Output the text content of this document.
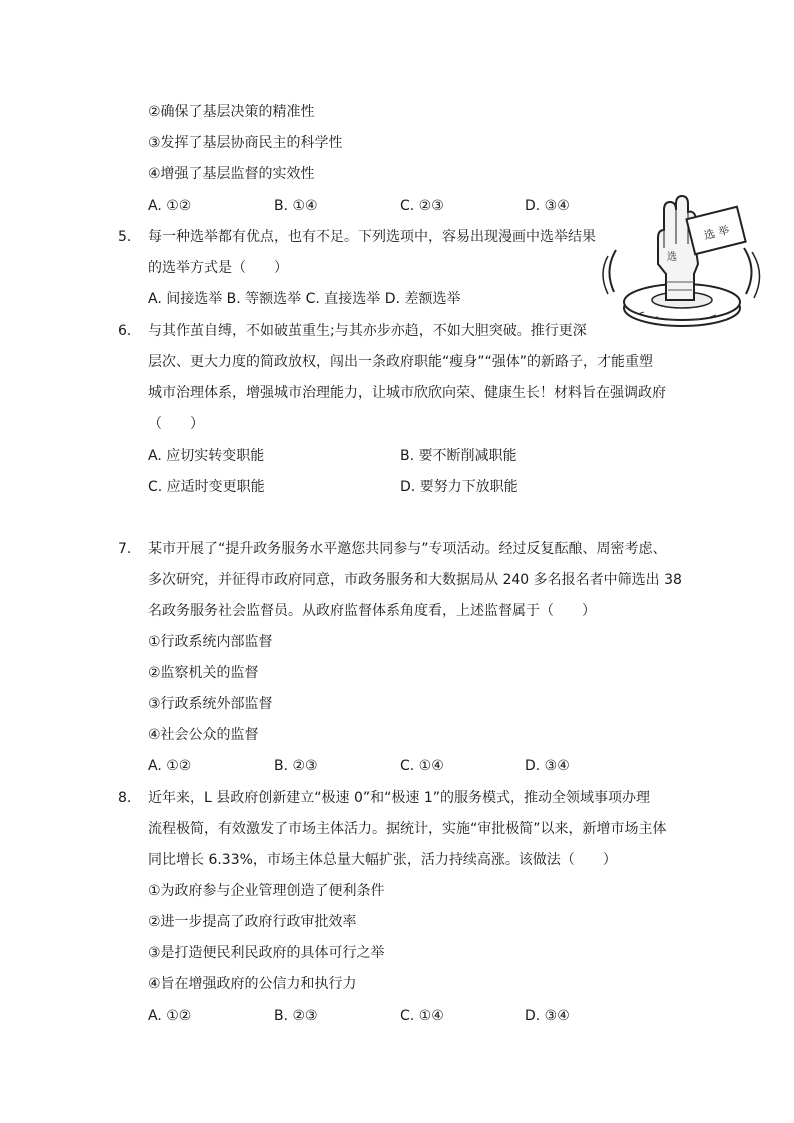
②确保了基层决策的精准性
③发挥了基层协商民主的科学性
④增强了基层监督的实效性
A. ①②	B. ①④	C. ②③	D. ③④
5. 每一种选举都有优点，也有不足。下列选项中，容易出现漫画中选举结果
的选举方式是（　　）
A. 间接选举 B. 等额选举 C. 直接选举 D. 差额选举
选 举
选
6. 与其作茧自缚，不如破茧重生;与其亦步亦趋，不如大胆突破。推行更深
层次、更大力度的简政放权，闯出一条政府职能“瘦身”“强体”的新路子，才能重塑
城市治理体系，增强城市治理能力，让城市欣欣向荣、健康生长！材料旨在强调政府
（　　）
A. 应切实转变职能	B. 要不断削减职能
C. 应适时变更职能	D. 要努力下放职能
7. 某市开展了“提升政务服务水平邀您共同参与”专项活动。经过反复酝酿、周密考虑、
多次研究，并征得市政府同意，市政务服务和大数据局从 240 多名报名者中筛选出 38
名政务服务社会监督员。从政府监督体系角度看，上述监督属于（　　）
①行政系统内部监督
②监察机关的监督
③行政系统外部监督
④社会公众的监督
A. ①②	B. ②③	C. ①④	D. ③④
8. 近年来，L 县政府创新建立“极速 0”和“极速 1”的服务模式，推动全领域事项办理
流程极简，有效激发了市场主体活力。据统计，实施“审批极简”以来，新增市场主体
同比增长 6.33%，市场主体总量大幅扩张，活力持续高涨。该做法（　　）
①为政府参与企业管理创造了便利条件
②进一步提高了政府行政审批效率
③是打造便民利民政府的具体可行之举
④旨在增强政府的公信力和执行力
A. ①②	B. ②③	C. ①④	D. ③④
